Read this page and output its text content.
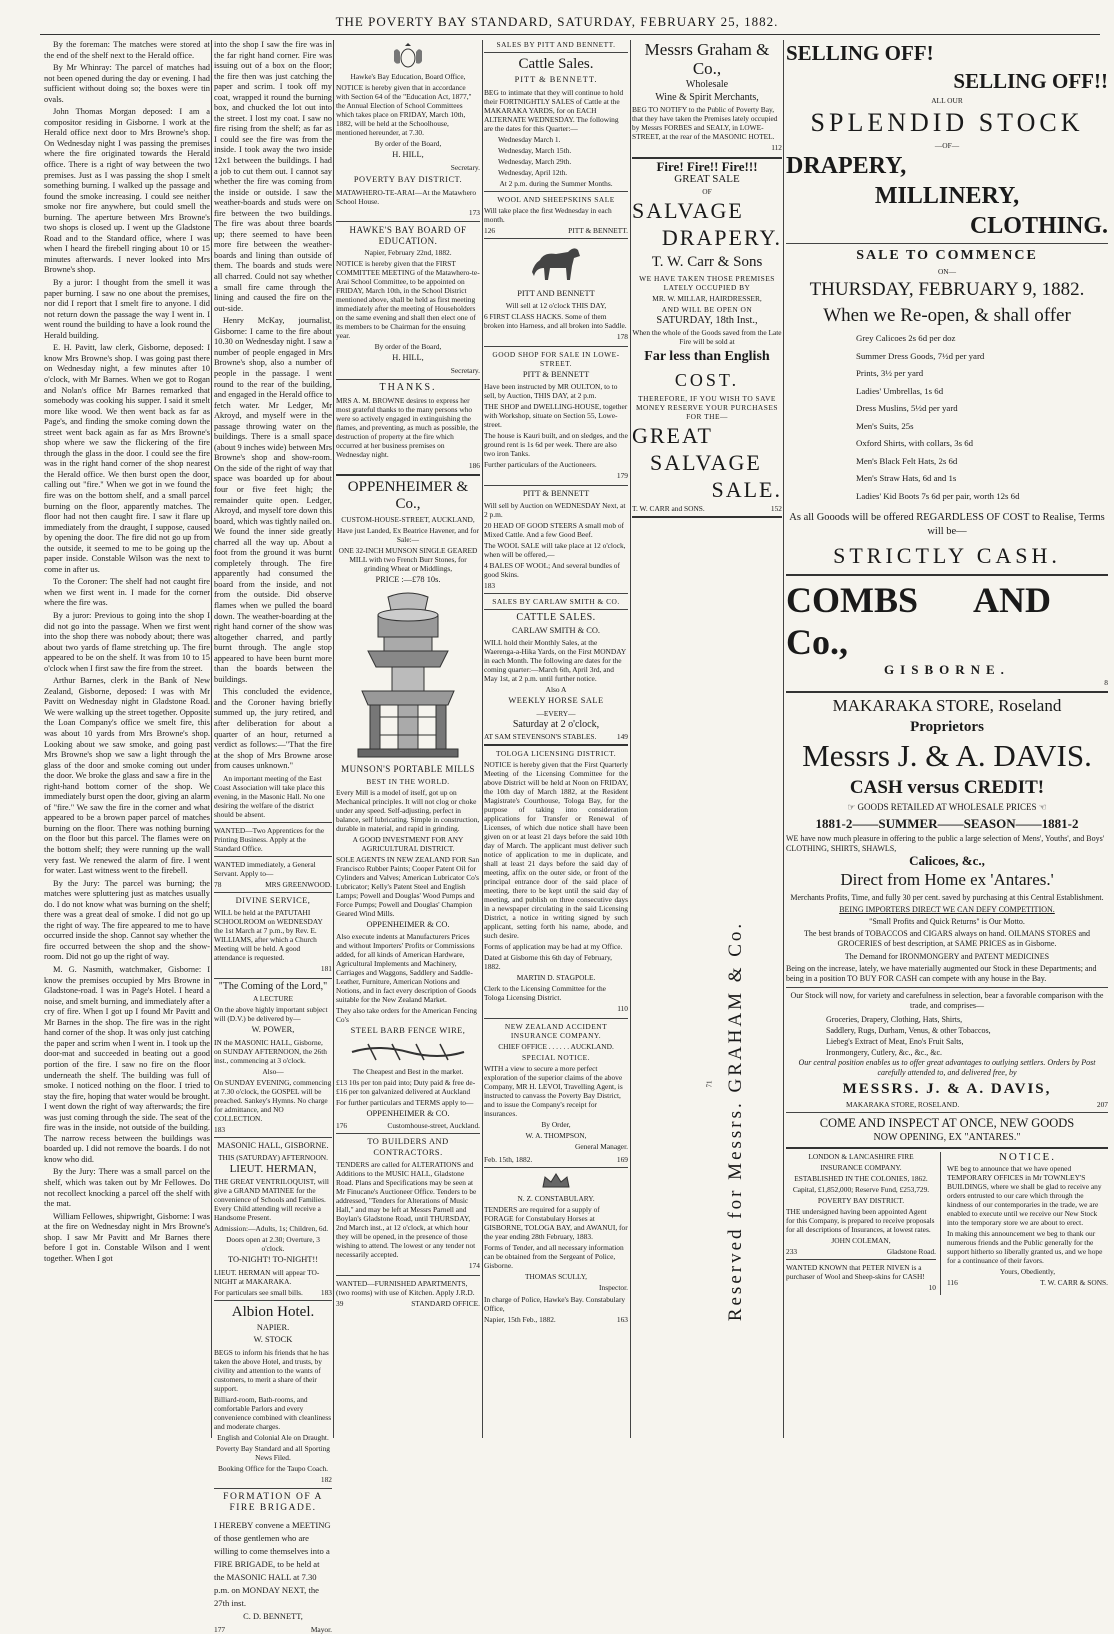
THE POVERTY BAY STANDARD, SATURDAY, FEBRUARY 25, 1882.

By the foreman: The matches were stored at the end of the shelf next to the Herald office.

By Mr Whinray: The parcel of matches had not been opened during the day or evening. I had sufficient without doing so; the boxes were tin ovals.

John Thomas Morgan deposed: I am a compositor residing in Gisborne. I work at the Herald office next door to Mrs Browne's shop. On Wednesday night I was passing the premises where the fire originated towards the Herald office. There is a right of way between the two premises. Just as I was passing the shop I smelt something burning. I walked up the passage and found the smoke increasing. I could see neither smoke nor fire anywhere, but could smell the burning. The aperture between Mrs Browne's two shops is closed up. I went up the Gladstone Road and to the Standard office, where I was when I heard the firebell ringing about 10 or 15 minutes afterwards. I never looked into Mrs Browne's shop.

By a juror: I thought from the smell it was paper burning. I saw no one about the premises, nor did I report that I smelt fire to anyone. I did not return down the passage the way I went in. I went round the building to have a look round the Herald building.

E. H. Pavitt, law clerk, Gisborne, deposed: I know Mrs Browne's shop. I was going past there on Wednesday night, a few minutes after 10 o'clock, with Mr Barnes. When we got to Rogan and Nolan's office Mr Barnes remarked that somebody was cooking his supper. I said it smelt more like wood. We then went back as far as Page's, and finding the smoke coming down the street went back again as far as Mrs Browne's shop where we saw the flickering of the fire through the glass in the door. I could see the fire was in the right hand corner of the shop nearest the Herald office. We then burst open the door, calling out "fire." When we got in we found the fire was on the bottom shelf, and a small parcel burning on the floor, apparently matches. The floor had not then caught fire. I saw it flare up immediately from the draught, I suppose, caused by opening the door. The fire did not go up from the outside, it seemed to me to be going up the paper inside. Constable Wilson was the next to come in after us.

To the Coroner: The shelf had not caught fire when we first went in. I made for the corner where the fire was.

By a juror: Previous to going into the shop I did not go into the passage. When we first went into the shop there was nobody about; there was about two yards of flame stretching up. The fire appeared to be on the shelf. It was from 10 to 15 o'clock when I first saw the fire from the street.

Arthur Barnes, clerk in the Bank of New Zealand, Gisborne, deposed: I was with Mr Pavitt on Wednesday night in Gladstone Road. We were walking up the street together. Opposite the Loan Company's office we smelt fire, this was about 10 yards from Mrs Browne's shop. Looking about we saw smoke, and going past Mrs Browne's shop we saw a light through the glass of the door and smoke coming out under the door. We broke the glass and saw a fire in the right-hand bottom corner of the shop. We immediately burst open the door, giving an alarm of "fire." We saw the fire in the corner and what appeared to be a brown paper parcel of matches burning on the floor. There was nothing burning on the floor but this parcel. The flames were on the bottom shelf; they were running up the wall very fast. We renewed the alarm of fire. I went for water. Last witness went to the firebell.

By the Jury: The parcel was burning; the matches were spluttering just as matches usually do. I do not know what was burning on the shelf; there was a great deal of smoke. I did not go up the right of way. The fire appeared to me to have occurred inside the shop. Cannot say whether the fire occurred between the shop and the show-room. Did not go up the right of way.

M. G. Nasmith, watchmaker, Gisborne: I know the premises occupied by Mrs Browne in Gladstone-road. I was in Page's Hotel. I heard a noise, and smelt burning, and immediately after a cry of fire. When I got up I found Mr Pavitt and Mr Barnes in the shop. The fire was in the right hand corner of the shop. It was only just catching the paper and scrim when I went in. I took up the door-mat and succeeded in beating out a good portion of the fire. I saw no fire on the floor underneath the shelf. The building was full of smoke. I noticed nothing on the floor. I tried to stay the fire, hoping that water would be brought. I went down the right of way afterwards; the fire was just coming through the side. The seat of the fire was in the inside, not outside of the building. The narrow recess between the buildings was boarded up. I did not remove the boards. I do not know who did.

By the Jury: There was a small parcel on the shelf, which was taken out by Mr Fellowes. Do not recollect knocking a parcel off the shelf with the mat.

William Fellowes, shipwright, Gisborne: I was at the fire on Wednesday night in Mrs Browne's shop. I saw Mr Pavitt and Mr Barnes there before I got in. Constable Wilson and I went together. When I got

into the shop I saw the fire was in the far right hand corner. Fire was issuing out of a box on the floor; the fire then was just catching the paper and scrim. I took off my coat, wrapped it round the burning box, and chucked the lot out into the street. I lost my coat. I saw no fire rising from the shelf; as far as I could see the fire was from the inside. I took away the two inside 12x1 between the buildings. I had a job to cut them out. I cannot say whether the fire was coming from the inside or outside. I saw the weather-boards and studs were on fire between the two buildings. The fire was about three boards up; there seemed to have been more fire between the weather-boards and lining than outside of them. The boards and studs were all charred. Could not say whether a small fire came through the lining and caused the fire on the out-side.

Henry McKay, journalist, Gisborne: I came to the fire about 10.30 on Wednesday night. I saw a number of people engaged in Mrs Browne's shop, also a number of people in the passage. I went round to the rear of the building, and engaged in the Herald office to fetch water. Mr Ledger, Mr Akroyd, and myself were in the passage throwing water on the buildings. There is a small space (about 9 inches wide) between Mrs Browne's shop and show-room. On the side of the right of way that space was boarded up for about four or five feet high; the remainder quite open. Ledger, Akroyd, and myself tore down this board, which was tightly nailed on. We found the inner side greatly charred all the way up. About a foot from the ground it was burnt completely through. The fire apparently had consumed the board from the inside, and not from the outside. Did observe flames when we pulled the board down. The weather-boarding at the right hand corner of the show was altogether charred, and partly burnt through. The angle stop appeared to have been burnt more than the boards between the buildings.

This concluded the evidence, and the Coroner having briefly summed up, the jury retired, and after deliberation for about a quarter of an hour, returned a verdict as follows:—"That the fire at the shop of Mrs Browne arose from causes unknown."

An important meeting of the East Coast Association will take place this evening, in the Masonic Hall. No one desiring the welfare of the district should be absent.

WANTED—Two Apprentices for the Printing Business. Apply at the Standard Office.

WANTED immediately, a General Servant. Apply to—

78	MRS GREENWOOD.

DIVINE SERVICE,

WILL be held at the PATUTAHI SCHOOLROOM on WEDNESDAY the 1st March at 7 p.m., by Rev. E. WILLIAMS, after which a Church Meeting will be held. A good attendance is requested.

181

"The Coming of the Lord,"

A LECTURE

On the above highly important subject will (D.V.) be delivered by—

W. POWER,

IN the MASONIC HALL, Gisborne, on SUNDAY AFTERNOON, the 26th inst., commencing at 3 o'clock.

Also—

On SUNDAY EVENING, commencing at 7.30 o'clock, the GOSPEL will be preached. Sankey's Hymns. No charge for admittance, and NO COLLECTION.

183

MASONIC HALL, GISBORNE.

THIS (SATURDAY) AFTERNOON.

LIEUT. HERMAN,

THE GREAT VENTRILOQUIST, will give a GRAND MATINEE for the convenience of Schools and Families. Every Child attending will receive a Handsome Present.

Admission:—Adults, 1s; Children, 6d.

Doors open at 2.30; Overture, 3 o'clock.

TO-NIGHT! TO-NIGHT!!

LIEUT. HERMAN will appear TO-NIGHT at MAKARAKA.

For particulars see small bills. 183

Albion Hotel.

NAPIER.

W. STOCK

BEGS to inform his friends that he has taken the above Hotel, and trusts, by civility and attention to the wants of customers, to merit a share of their support.

Billiard-room, Bath-rooms, and comfortable Parlors and every convenience combined with cleanliness and moderate charges.

English and Colonial Ale on Draught.

Poverty Bay Standard and all Sporting News Filed.

Booking Office for the Taupo Coach.

182

FORMATION OF A FIRE BRIGADE.

I HEREBY convene a MEETING of those gentlemen who are willing to come themselves into a FIRE BRIGADE, to be held at the MASONIC HALL at 7.30 p.m. on MONDAY NEXT, the 27th inst.

C. D. BENNETT,

177	Mayor.

Hawke's Bay Education, Board Office,

NOTICE is hereby given that in accordance with Section 64 of the "Education Act, 1877," the Annual Election of School Committees which takes place on FRIDAY, March 10th, 1882, will be held at the Schoolhouse, mentioned hereunder, at 7.30.

By order of the Board,

H. HILL,

Secretary.

POVERTY BAY DISTRICT.

MATAWHERO-TE-ARAI—At the Matawhero School House.

173

HAWKE'S BAY BOARD OF EDUCATION.

Napier, February 22nd, 1882.

NOTICE is hereby given that the FIRST COMMITTEE MEETING of the Matawhero-te-Arai School Committee, to be appointed on FRIDAY, March 10th, in the School District mentioned above, shall be held as first meeting immediately after the meeting of Householders on the same evening and shall then elect one of its members to be Chairman for the ensuing year.

By order of the Board,

H. HILL,

Secretary.

THANKS.

MRS A. M. BROWNE desires to express her most grateful thanks to the many persons who were so actively engaged in extinguishing the flames, and preventing, as much as possible, the destruction of property at the fire which occurred at her business premises on Wednesday night.

186

OPPENHEIMER & Co.,

CUSTOM-HOUSE-STREET, AUCKLAND,

Have just Landed, Ex Beatrice Havener, and for Sale:—

ONE 32-INCH MUNSON SINGLE GEARED MILL with two French Burr Stones, for grinding Wheat or Middlings,

PRICE :—£78 10s.

MUNSON'S PORTABLE MILLS

BEST IN THE WORLD.

Every Mill is a model of itself, got up on Mechanical principles. It will not clog or choke under any speed. Self-adjusting, perfect in balance, self lubricating. Simple in construction, durable in material, and rapid in grinding.

A GOOD INVESTMENT FOR ANY AGRICULTURAL DISTRICT.

SOLE AGENTS IN NEW ZEALAND FOR San Francisco Rubber Paints; Cooper Patent Oil for Cylinders and Valves; American Lubricator Co's Lubricator; Kelly's Patent Steel and English Lamps; Powell and Douglas' Wood Pumps and Force Pumps; Powell and Douglas' Champion Geared Wind Mills.

OPPENHEIMER & CO.

Also execute indents at Manufacturers Prices and without Importers' Profits or Commissions added, for all kinds of American Hardware, Agricultural Implements and Machinery, Carriages and Waggons, Saddlery and Saddle-Leather, Furniture, American Notions and Notions, and in fact every description of Goods suitable for the New Zealand Market.

They also take orders for the American Fencing Co's

STEEL BARB FENCE WIRE,

The Cheapest and Best in the market.

£13 10s per ton paid into; Duty paid & free de-£16 per ton galvanized delivered at Auckland

For further particulars and TERMS apply to—

OPPENHEIMER & CO.

176	Customhouse-street, Auckland.

TO BUILDERS AND CONTRACTORS.

TENDERS are called for ALTERATIONS and Additions to the MUSIC HALL, Gladstone Road. Plans and Specifications may be seen at Mr Finucane's Auctioneer Office. Tenders to be addressed, "Tenders for Alterations of Music Hall," and may be left at Messrs Parnell and Boylan's Gladstone Road, until THURSDAY, 2nd March inst., at 12 o'clock, at which hour they will be opened, in the presence of those wishing to attend. The lowest or any tender not necessarily accepted.

174

WANTED—FURNISHED APARTMENTS, (two rooms) with use of Kitchen. Apply J.R.D.

39	STANDARD OFFICE.

SALES BY PITT AND BENNETT.

Cattle Sales.

PITT & BENNETT.

BEG to intimate that they will continue to hold their FORTNIGHTLY SALES of Cattle at the MAKARAKA YARDS, for on EACH ALTERNATE WEDNESDAY. The following are the dates for this Quarter:—

Wednesday March 1.

Wednesday, March 15th.

Wednesday, March 29th.

Wednesday, April 12th.

At 2 p.m. during the Summer Months.

WOOL AND SHEEPSKINS SALE

Will take place the first Wednesday in each month.

126	PITT & BENNETT.

PITT AND BENNETT

Will sell at 12 o'clock THIS DAY,

6 FIRST CLASS HACKS. Some of them broken into Harness, and all broken into Saddle.

178

GOOD SHOP FOR SALE IN LOWE-STREET.

PITT & BENNETT

Have been instructed by MR OULTON, to to sell, by Auction, THIS DAY, at 2 p.m.

THE SHOP and DWELLING-HOUSE, together with Workshop, situate on Section 55, Lowe-street.

The house is Kauri built, and on sledges, and the ground rent is 1s 6d per week. There are also two iron Tanks.

Further particulars of the Auctioneers.

179

PITT & BENNETT

Will sell by Auction on WEDNESDAY Next, at 2 p.m.

20 HEAD OF GOOD STEERS A small mob of Mixed Cattle. And a few Good Beef.

The WOOL SALE will take place at 12 o'clock, when will be offered,—

4 BALES OF WOOL; And several bundles of good Skins.

183

SALES BY CARLAW SMITH & CO.

CATTLE SALES.

CARLAW SMITH & CO.

WILL hold their Monthly Sales, at the Waerenga-a-Hika Yards, on the First MONDAY in each Month. The following are dates for the coming quarter:—March 6th, April 3rd, and May 1st, at 2 p.m. until further notice.

Also A

WEEKLY HORSE SALE

—EVERY—

Saturday at 2 o'clock,

AT SAM STEVENSON'S STABLES.	149

TOLOGA LICENSING DISTRICT.

NOTICE is hereby given that the First Quarterly Meeting of the Licensing Committee for the above District will be held at Noon on FRIDAY, the 10th day of March 1882, at the Resident Magistrate's Courthouse, Tologa Bay, for the purpose of taking into consideration applications for Transfer or Renewal of Licenses, of which due notice shall have been given on or at least 21 days before the said 10th day of March. The applicant must deliver such notice of application to me in duplicate, and shall at least 21 days before the said day of meeting, affix on the outer side, or front of the principal entrance door of the said place of meeting, there to be kept until the said day of meeting, and publish on three consecutive days in a newspaper circulating in the said Licensing District, a notice in writing signed by such applicant, setting forth his name, abode, and such desire.

Forms of application may be had at my Office.

Dated at Gisborne this 6th day of February, 1882.

MARTIN D. STAGPOLE.

Clerk to the Licensing Committee for the Tologa Licensing District.

110

NEW ZEALAND ACCIDENT INSURANCE COMPANY.

CHIEF OFFICE . . . . . . AUCKLAND.

SPECIAL NOTICE.

WITH a view to secure a more perfect exploration of the superior claims of the above Company, MR H. LEVOI, Travelling Agent, is instructed to canvass the Poverty Bay District, and to issue the Company's receipt for insurances.

By Order,

W. A. THOMPSON,

General Manager.

Feb. 15th, 1882.	169

N. Z. CONSTABULARY.

TENDERS are required for a supply of FORAGE for Constabulary Horses at GISBORNE, TOLOGA BAY, and AWANUI, for the year ending 28th February, 1883.

Forms of Tender, and all necessary information can be obtained from the Sergeant of Police, Gisborne.

THOMAS SCULLY,

Inspector.

In charge of Police, Hawke's Bay. Constabulary Office,

Napier, 15th Feb., 1882.	163

Messrs Graham & Co.,

Wholesale

Wine & Spirit Merchants,

BEG TO NOTIFY to the Public of Poverty Bay, that they have taken the Premises lately occupied by Messrs FORBES and SEALY, in LOWE-STREET, at the rear of the MASONIC HOTEL.

112

Fire! Fire!! Fire!!!

GREAT SALE

OF

SALVAGE

DRAPERY.

T. W. Carr & Sons

WE HAVE TAKEN THOSE PREMISES LATELY OCCUPIED BY

MR. W. MILLAR, HAIRDRESSER,

AND WILL BE OPEN ON

SATURDAY, 18th Inst.,

When the whole of the Goods saved from the Late Fire will be sold at

Far less than English

COST.

THEREFORE, IF YOU WISH TO SAVE MONEY RESERVE YOUR PURCHASES FOR THE—

GREAT

SALVAGE

SALE.

T. W. CARR and SONS.	152

Reserved for Messrs. GRAHAM & Co.
71

SELLING OFF!

SELLING OFF!!

ALL OUR

SPLENDID STOCK

—OF—

DRAPERY,

MILLINERY,

CLOTHING.

SALE TO COMMENCE

ON—

THURSDAY, FEBRUARY 9, 1882.

When we Re-open, & shall offer

Grey Calicoes 2s 6d per doz
Summer Dress Goods, 7½d per yard
Prints, 3½ per yard
Ladies' Umbrellas, 1s 6d
Dress Muslins, 5½d per yard
Men's Suits, 25s
Oxford Shirts, with collars, 3s 6d
Men's Black Felt Hats, 2s 6d
Men's Straw Hats, 6d and 1s
Ladies' Kid Boots 7s 6d per pair, worth 12s 6d

As all Gooods will be offered REGARDLESS OF COST to Realise, Terms will be—

STRICTLY CASH.

COMBS AND Co.,

GISBORNE.

8

MAKARAKA STORE, Roseland

Proprietors

Messrs J. & A. DAVIS.

CASH versus CREDIT!

☞ GOODS RETAILED AT WHOLESALE PRICES ☜

1881-2——SUMMER——SEASON——1881-2

WE have now much pleasure in offering to the public a large selection of Mens', Youths', and Boys' CLOTHING, SHIRTS, SHAWLS,

Calicoes, &c.,

Direct from Home ex 'Antares.'

Merchants Profits, Time, and fully 30 per cent. saved by purchasing at this Central Establishment.

BEING IMPORTERS DIRECT WE CAN DEFY COMPETITION.

"Small Profits and Quick Returns" is Our Motto.

The best brands of TOBACCOS and CIGARS always on hand. OILMANS STORES and GROCERIES of best description, at SAME PRICES as in Gisborne.

The Demand for IRONMONGERY and PATENT MEDICINES

Being on the increase, lately, we have materially augmented our Stock in these Departments; and being in a position TO BUY FOR CASH can compete with any house in the Bay.

Our Stock will now, for variety and carefulness in selection, bear a favorable comparison with the trade, and comprises—

Groceries, Drapery, Clothing, Hats, Shirts,
Saddlery, Rugs, Durham, Venus, & other Tobaccos,
Liebeg's Extract of Meat, Eno's Fruit Salts,
Ironmongery, Cutlery, &c., &c., &c.

Our central position enables us to offer great advantages to outlying settlers. Orders by Post carefully attended to, and delivered free, by

MESSRS. J. & A. DAVIS,

MAKARAKA STORE, ROSELAND.	207

COME AND INSPECT AT ONCE, NEW GOODS

NOW OPENING, EX "ANTARES."

LONDON & LANCASHIRE FIRE

INSURANCE COMPANY.

ESTABLISHED IN THE COLONIES, 1862.

Capital, £1,852,000; Reserve Fund, £253,729.

POVERTY BAY DISTRICT.

THE undersigned having been appointed Agent for this Company, is prepared to receive proposals for all descriptions of Insurances, at lowest rates.

JOHN COLEMAN,

233	Gladstone Road.

WANTED KNOWN that PETER NIVEN is a purchaser of Wool and Sheep-skins for CASH!

10

NOTICE.

WE beg to announce that we have opened TEMPORARY OFFICES in Mr TOWNLEY'S BUILDINGS, where we shall be glad to receive any orders entrusted to our care which through the kindness of our contemporaries in the trade, we are enabled to execute until we receive our New Stock into the temporary store we are about to erect.

In making this announcement we beg to thank our numerous friends and the Public generally for the support hitherto so liberally granted us, and we hope for a continuance of their favors.

Yours, Obediently,

116	T. W. CARR & SONS.
